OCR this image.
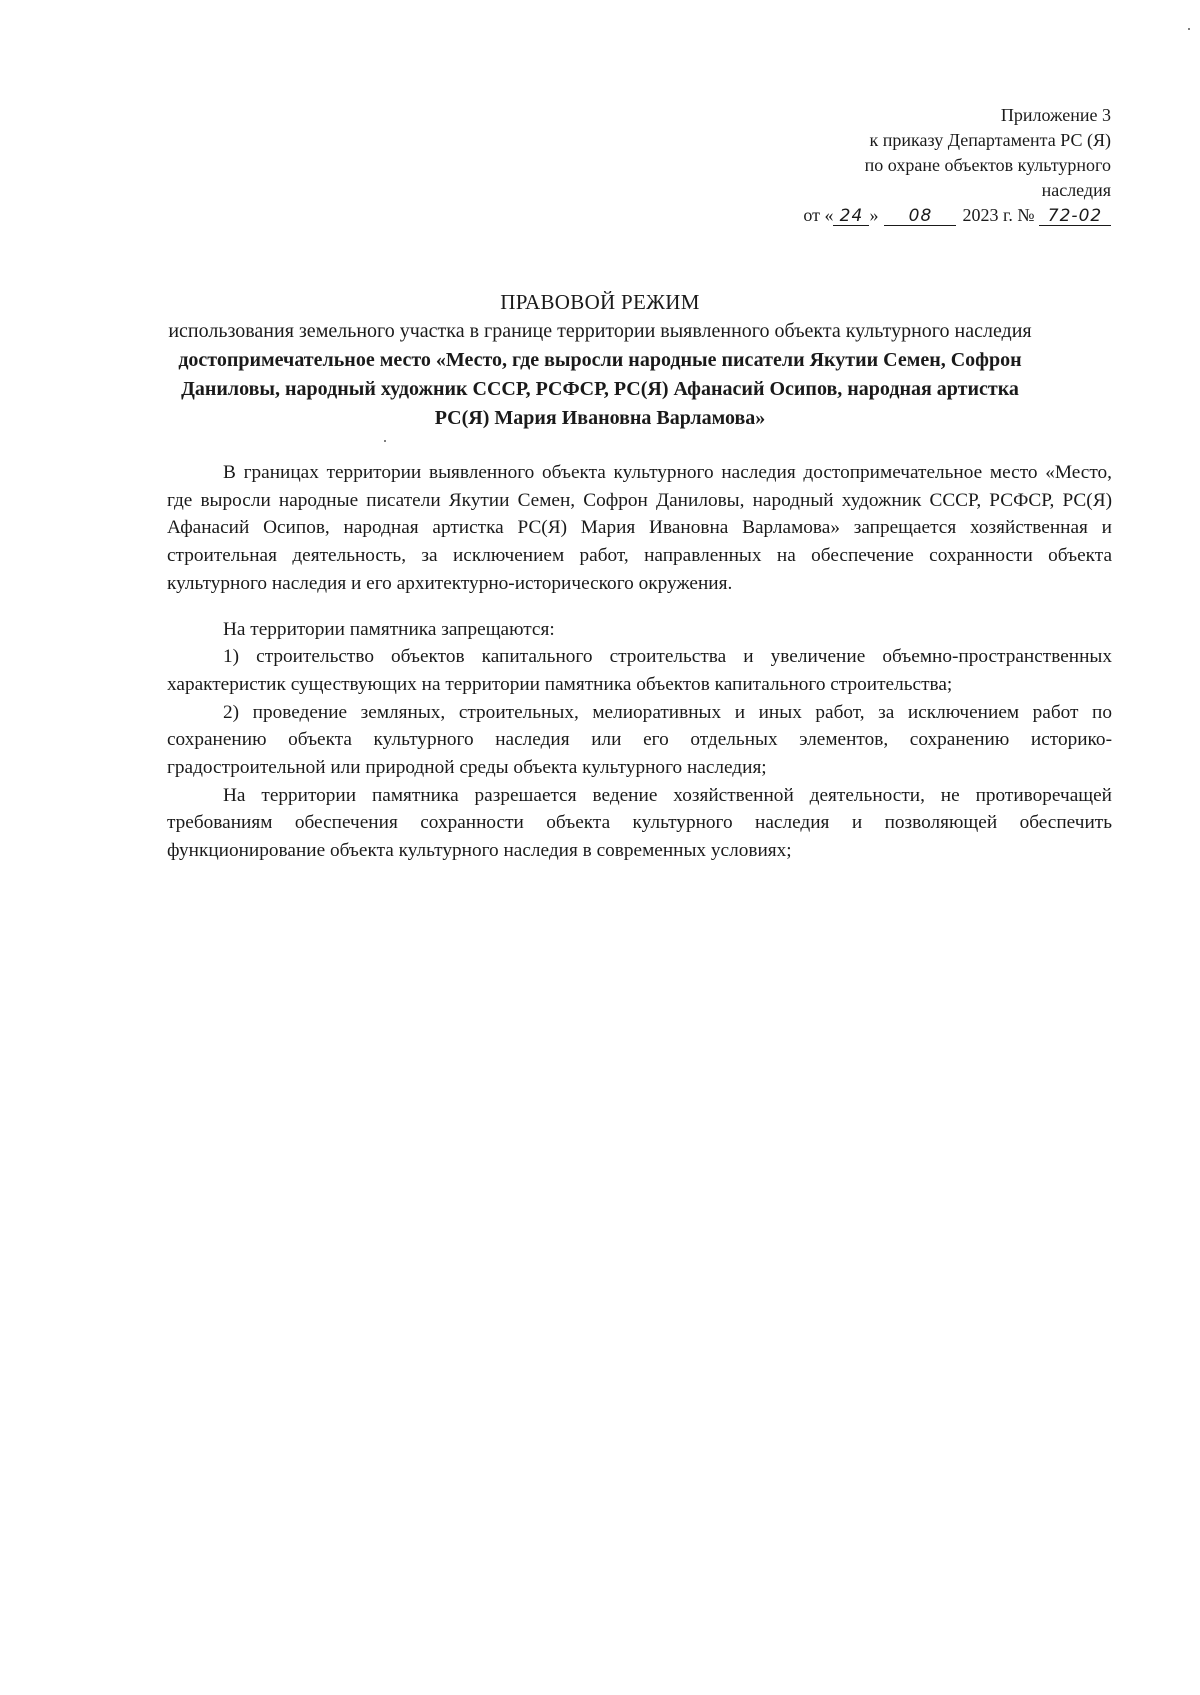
Приложение 3
к приказу Департамента РС (Я)
по охране объектов культурного
наследия
от « 24 » 08 2023 г. № 72-02
ПРАВОВОЙ РЕЖИМ
использования земельного участка в границе территории выявленного объекта культурного наследия достопримечательное место «Место, где выросли народные писатели Якутии Семен, Софрон Даниловы, народный художник СССР, РСФСР, РС(Я) Афанасий Осипов, народная артистка РС(Я) Мария Ивановна Варламова»

В границах территории выявленного объекта культурного наследия достопримечательное место «Место, где выросли народные писатели Якутии Семен, Софрон Даниловы, народный художник СССР, РСФСР, РС(Я) Афанасий Осипов, народная артистка РС(Я) Мария Ивановна Варламова» запрещается хозяйственная и строительная деятельность, за исключением работ, направленных на обеспечение сохранности объекта культурного наследия и его архитектурно-исторического окружения.

На территории памятника запрещаются:

1) строительство объектов капитального строительства и увеличение объемно-пространственных характеристик существующих на территории памятника объектов капитального строительства;

2) проведение земляных, строительных, мелиоративных и иных работ, за исключением работ по сохранению объекта культурного наследия или его отдельных элементов, сохранению историко-градостроительной или природной среды объекта культурного наследия;

На территории памятника разрешается ведение хозяйственной деятельности, не противоречащей требованиям обеспечения сохранности объекта культурного наследия и позволяющей обеспечить функционирование объекта культурного наследия в современных условиях;
